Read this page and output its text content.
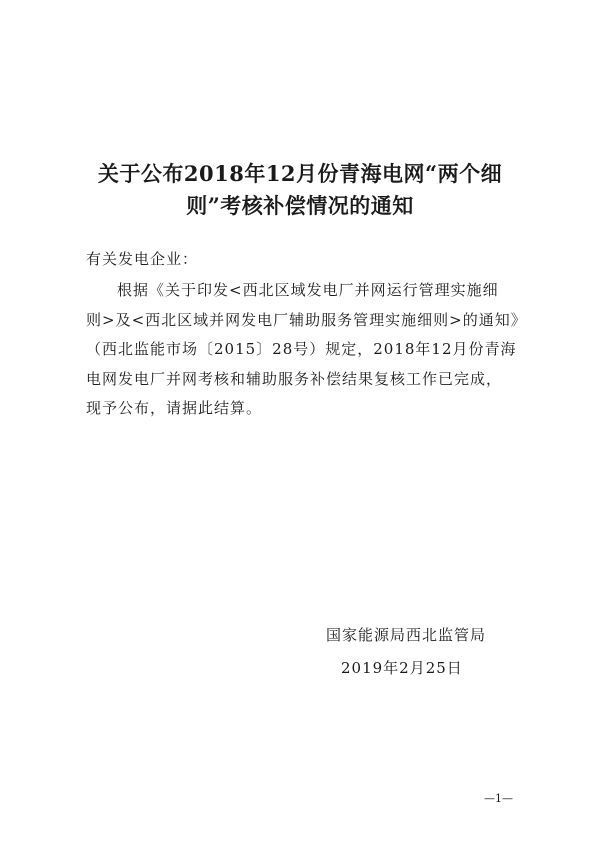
关于公布2018年12月份青海电网“两个细
则”考核补偿情况的通知
有关发电企业：
根据《关于印发<西北区域发电厂并网运行管理实施细
则>及<西北区域并网发电厂辅助服务管理实施细则>的通知》
（西北监能市场〔2015〕28号）规定，2018年12月份青海
电网发电厂并网考核和辅助服务补偿结果复核工作已完成，
现予公布，请据此结算。
国家能源局西北监管局
2019年2月25日
—1—
